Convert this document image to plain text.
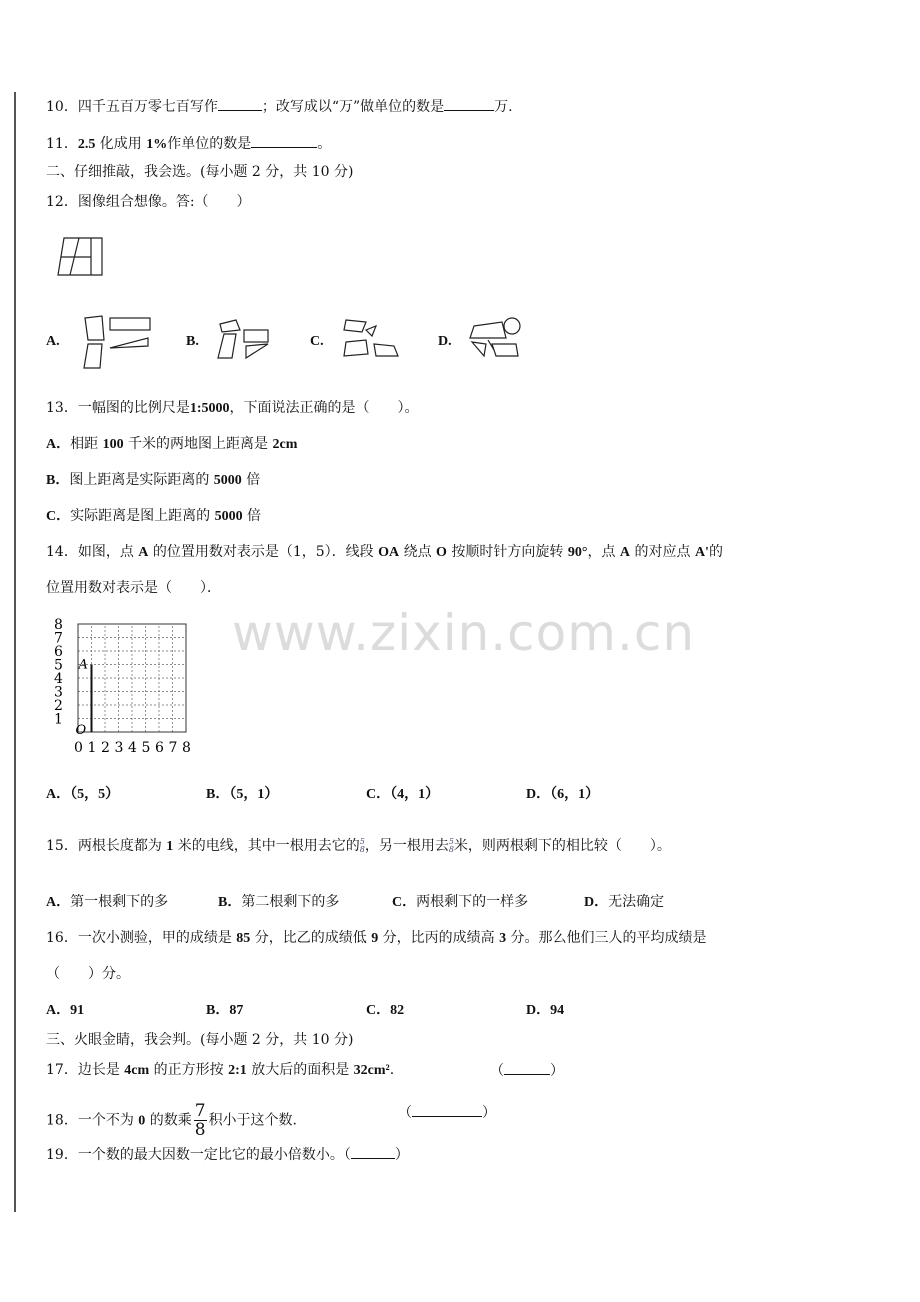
www.zixin.com.cn
10．四千五百万零七百写作	；改写成以“万”做单位的数是	万.
11．2.5 化成用 1%作单位的数是	。
二、仔细推敲，我会选。(每小题 2 分，共 10 分)
12．图像组合想像。答:（　　）
A.	B.	C.	D.
13．一幅图的比例尺是1:5000，下面说法正确的是（　　）。
A．相距 100 千米的两地图上距离是 2cm
B．图上距离是实际距离的 5000 倍
C．实际距离是图上距离的 5000 倍
14．如图，点 A 的位置用数对表示是（1，5）．线段 OA 绕点 O 按顺时针方向旋转 90°，点 A 的对应点 A'的
位置用数对表示是（　　）．
0 1 2 3 4 5 6 7 8
1
2
3
4
5
6
7
8
A
O
A．（5，5）	B．（5，1）	C．（4，1）	D．（6，1）
15．两根长度都为 1 米的电线，其中一根用去它的 5
8 ，另一根用去 5
8 米，则两根剩下的相比较（　　）。
A．第一根剩下的多	B．第二根剩下的多	C．两根剩下的一样多	D．无法确定
16．一次小测验，甲的成绩是 85 分，比乙的成绩低 9 分，比丙的成绩高 3 分。那么他们三人的平均成绩是
（　　）分。
A．91	B．87	C．82	D．94
三、火眼金睛，我会判。(每小题 2 分，共 10 分)
17．边长是 4cm 的正方形按 2:1 放大后的面积是 32cm².	（	）
18．一个不为 0 的数乘 $\frac{7}{8}$ 积小于这个数.	（	）
19．一个数的最大因数一定比它的最小倍数小。（	）
